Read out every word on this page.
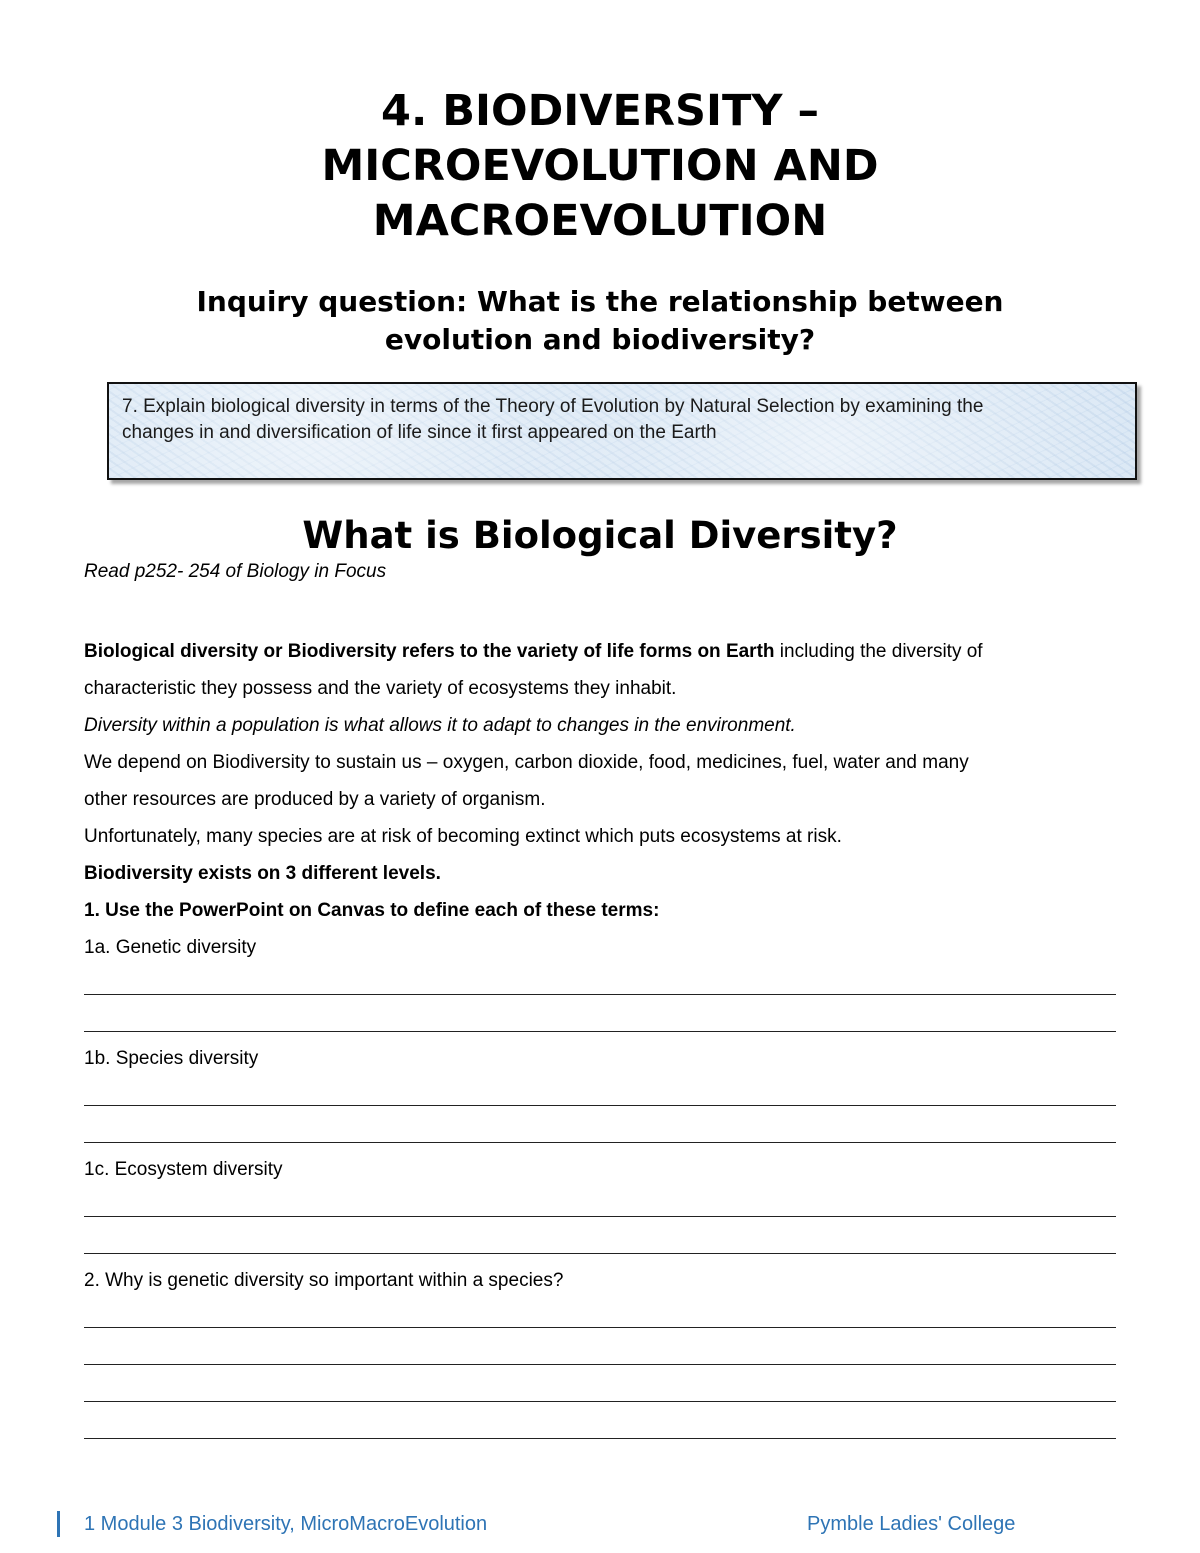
4. BIODIVERSITY –
MICROEVOLUTION AND
MACROEVOLUTION
Inquiry question: What is the relationship between
evolution and biodiversity?
7. Explain biological diversity in terms of the Theory of Evolution by Natural Selection by examining the
changes in and diversification of life since it first appeared on the Earth
What is Biological Diversity?
Read p252- 254 of Biology in Focus

Biological diversity or Biodiversity refers to the variety of life forms on Earth including the diversity of

characteristic they possess and the variety of ecosystems they inhabit.

Diversity within a population is what allows it to adapt to changes in the environment.

We depend on Biodiversity to sustain us – oxygen, carbon dioxide, food, medicines, fuel, water and many

other resources are produced by a variety of organism.

Unfortunately, many species are at risk of becoming extinct which puts ecosystems at risk.

Biodiversity exists on 3 different levels.

1. Use the PowerPoint on Canvas to define each of these terms:

1a. Genetic diversity

1b. Species diversity

1c. Ecosystem diversity

2. Why is genetic diversity so important within a species?

1 Module 3 Biodiversity, MicroMacroEvolution	Pymble Ladies' College
